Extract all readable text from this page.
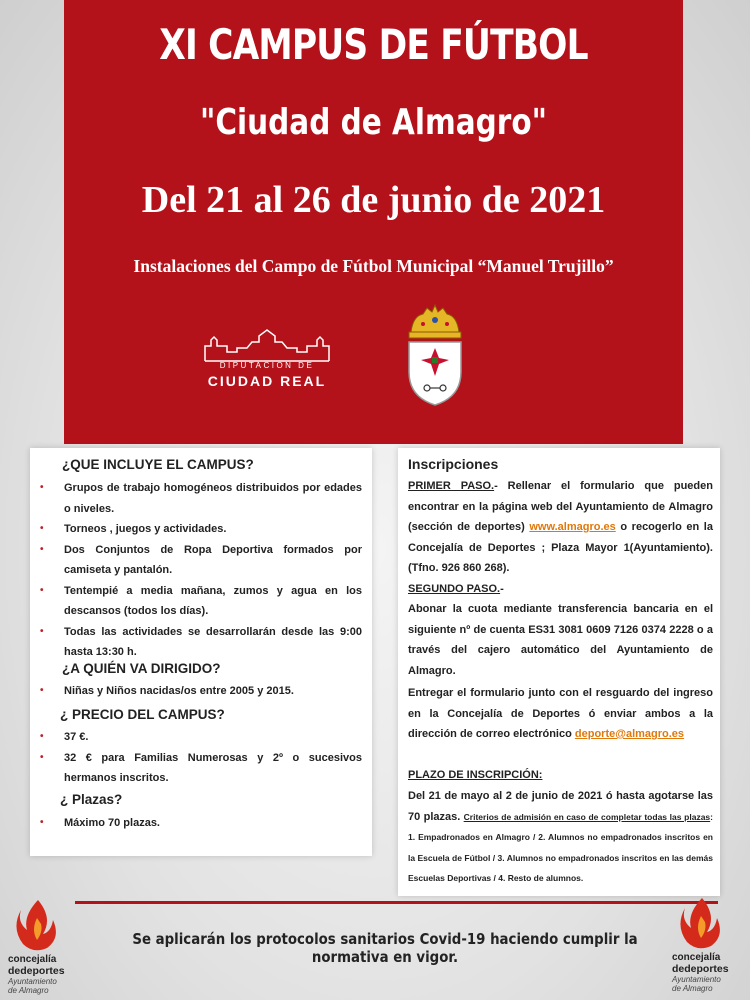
XI CAMPUS DE FÚTBOL
"Ciudad de Almagro"
Del 21 al 26 de junio de 2021
Instalaciones del Campo de Fútbol Municipal “Manuel Trujillo”
DIPUTACION DE
CIUDAD REAL
¿QUE INCLUYE EL CAMPUS?
• Grupos de trabajo homogéneos distribuidos por edades o niveles.
• Torneos , juegos y actividades.
• Dos Conjuntos de Ropa Deportiva formados por camiseta y pantalón.
• Tentempié a media mañana, zumos y agua en los descansos (todos los días).
• Todas las actividades se desarrollarán desde las 9:00 hasta 13:30 h.
¿A QUIÉN VA DIRIGIDO?
• Niñas y Niños nacidas/os entre 2005 y 2015.
¿ PRECIO DEL CAMPUS?
• 37 €.
• 32 € para Familias Numerosas y 2º o sucesivos hermanos inscritos.
¿ Plazas?
• Máximo 70 plazas.
Inscripciones

PRIMER PASO.- Rellenar el formulario que pueden encontrar en la página web del Ayuntamiento de Almagro (sección de deportes) www.almagro.es o recogerlo en la Concejalía de Deportes ; Plaza Mayor 1(Ayuntamiento). (Tfno. 926 860 268).

SEGUNDO PASO.-

Abonar la cuota mediante transferencia bancaria en el siguiente nº de cuenta ES31 3081 0609 7126 0374 2228 o a través del cajero automático del Ayuntamiento de Almagro.

Entregar el formulario junto con el resguardo del ingreso en la Concejalía de Deportes ó enviar ambos a la dirección de correo electrónico deporte@almagro.es

PLAZO DE INSCRIPCIÓN:

Del 21 de mayo al 2 de junio de 2021 ó hasta agotarse las 70 plazas. Criterios de admisión en caso de completar todas las plazas: 1. Empadronados en Almagro / 2. Alumnos no empadronados inscritos en la Escuela de Fútbol / 3. Alumnos no empadronados inscritos en las demás Escuelas Deportivas / 4. Resto de alumnos.

Se aplicarán los protocolos sanitarios Covid-19 haciendo cumplir la normativa en vigor.
concejalía
dedeportes
Ayuntamiento
de Almagro
concejalía
dedeportes
Ayuntamiento
de Almagro
